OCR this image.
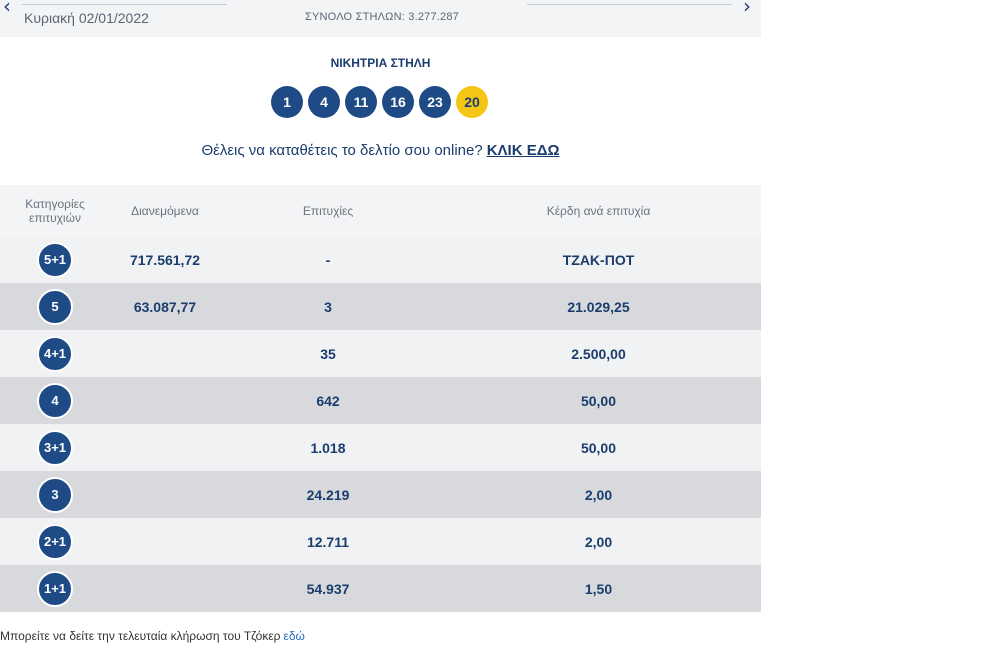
‹ Κυριακή 02/01/2022	ΣΥΝΟΛΟ ΣΤΗΛΩΝ: 3.277.287	›
ΝΙΚΗΤΡΙΑ ΣΤΗΛΗ
1	4	11	16	23	20
Θέλεις να καταθέτεις το δελτίο σου online? ΚΛΙΚ ΕΔΩ
Κατηγορίες επιτυχιών	Διανεμόμενα	Επιτυχίες	Κέρδη ανά επιτυχία
5+1	717.561,72	-	ΤΖΑΚ-ΠΟΤ
5	63.087,77	3	21.029,25
4+1		35	2.500,00
4		642	50,00
3+1		1.018	50,00
3		24.219	2,00
2+1		12.711	2,00
1+1		54.937	1,50
Μπορείτε να δείτε την τελευταία κλήρωση του Τζόκερ εδώ
